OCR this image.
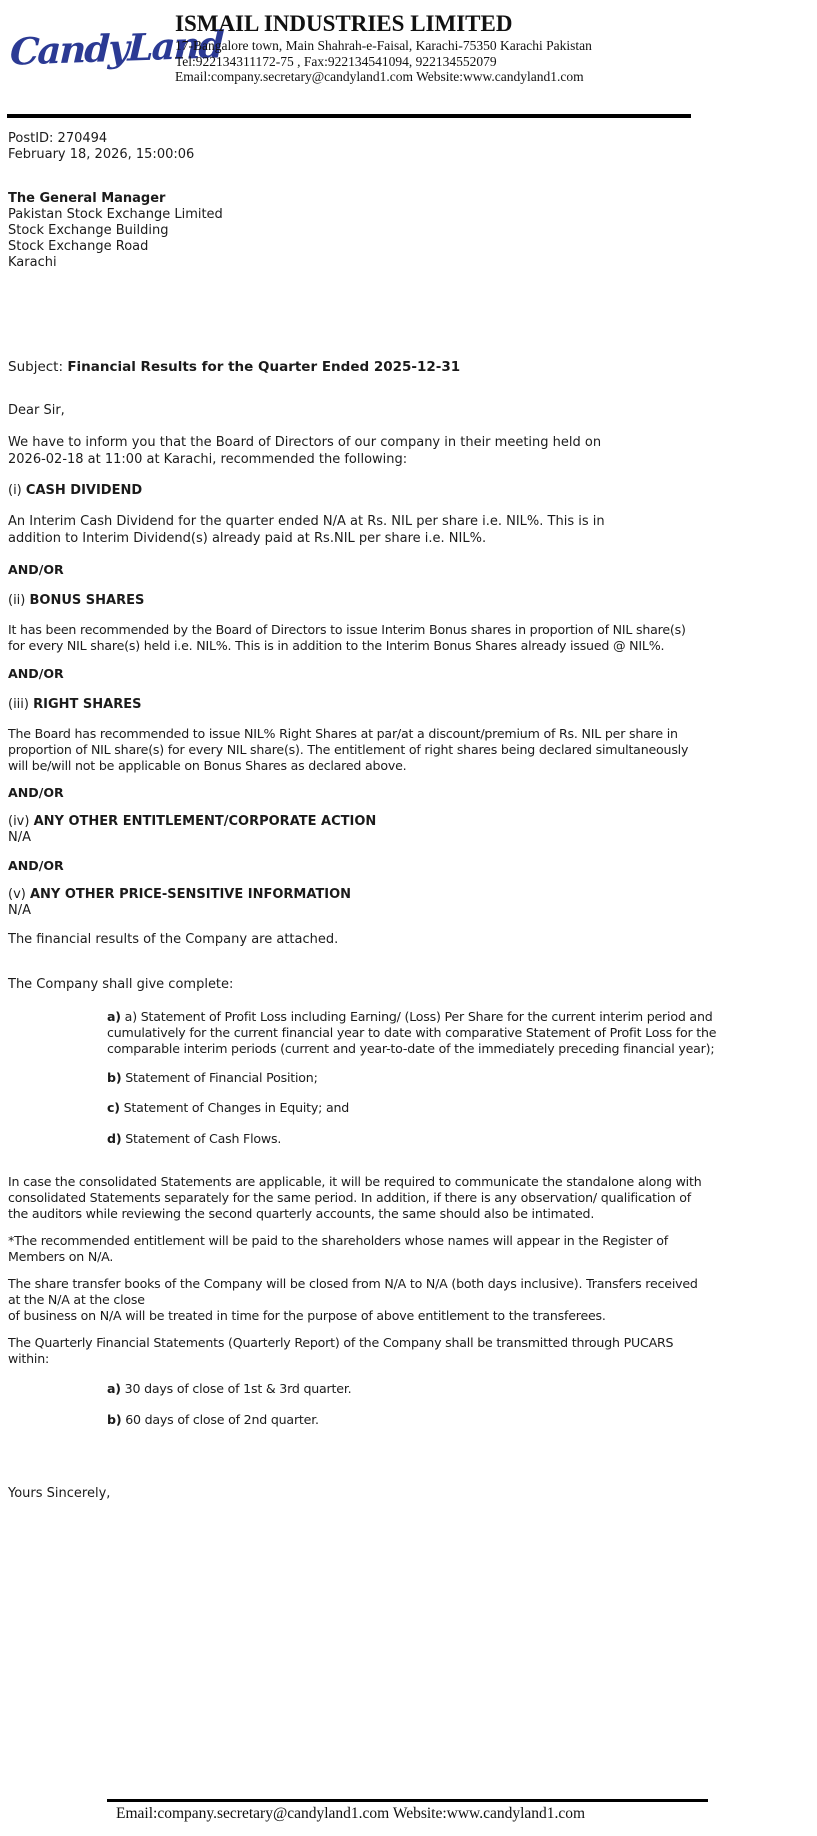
CandyLand
ISMAIL INDUSTRIES LIMITED
17-Bangalore town, Main Shahrah-e-Faisal, Karachi-75350 Karachi Pakistan
Tel:922134311172-75 , Fax:922134541094, 922134552079
Email:company.secretary@candyland1.com Website:www.candyland1.com
PostID: 270494
February 18, 2026, 15:00:06
The General Manager
Pakistan Stock Exchange Limited
Stock Exchange Building
Stock Exchange Road
Karachi
Subject: Financial Results for the Quarter Ended 2025-12-31
Dear Sir,
We have to inform you that the Board of Directors of our company in their meeting held on
2026-02-18 at 11:00 at Karachi, recommended the following:
(i) CASH DIVIDEND
An Interim Cash Dividend for the quarter ended N/A at Rs. NIL per share i.e. NIL%. This is in
addition to Interim Dividend(s) already paid at Rs.NIL per share i.e. NIL%.
AND/OR
(ii) BONUS SHARES
It has been recommended by the Board of Directors to issue Interim Bonus shares in proportion of NIL share(s)
for every NIL share(s) held i.e. NIL%. This is in addition to the Interim Bonus Shares already issued @ NIL%.
AND/OR
(iii) RIGHT SHARES
The Board has recommended to issue NIL% Right Shares at par/at a discount/premium of Rs. NIL per share in
proportion of NIL share(s) for every NIL share(s). The entitlement of right shares being declared simultaneously
will be/will not be applicable on Bonus Shares as declared above.
AND/OR
(iv) ANY OTHER ENTITLEMENT/CORPORATE ACTION
N/A
AND/OR
(v) ANY OTHER PRICE-SENSITIVE INFORMATION
N/A
The financial results of the Company are attached.
The Company shall give complete:
a) a) Statement of Profit Loss including Earning/ (Loss) Per Share for the current interim period and
cumulatively for the current financial year to date with comparative Statement of Profit Loss for the
comparable interim periods (current and year-to-date of the immediately preceding financial year);
b) Statement of Financial Position;
c) Statement of Changes in Equity; and
d) Statement of Cash Flows.
In case the consolidated Statements are applicable, it will be required to communicate the standalone along with
consolidated Statements separately for the same period. In addition, if there is any observation/ qualification of
the auditors while reviewing the second quarterly accounts, the same should also be intimated.
*The recommended entitlement will be paid to the shareholders whose names will appear in the Register of
Members on N/A.
The share transfer books of the Company will be closed from N/A to N/A (both days inclusive). Transfers received
at the N/A at the close
of business on N/A will be treated in time for the purpose of above entitlement to the transferees.
The Quarterly Financial Statements (Quarterly Report) of the Company shall be transmitted through PUCARS
within:
a) 30 days of close of 1st & 3rd quarter.
b) 60 days of close of 2nd quarter.
Yours Sincerely,
Email:company.secretary@candyland1.com Website:www.candyland1.com
